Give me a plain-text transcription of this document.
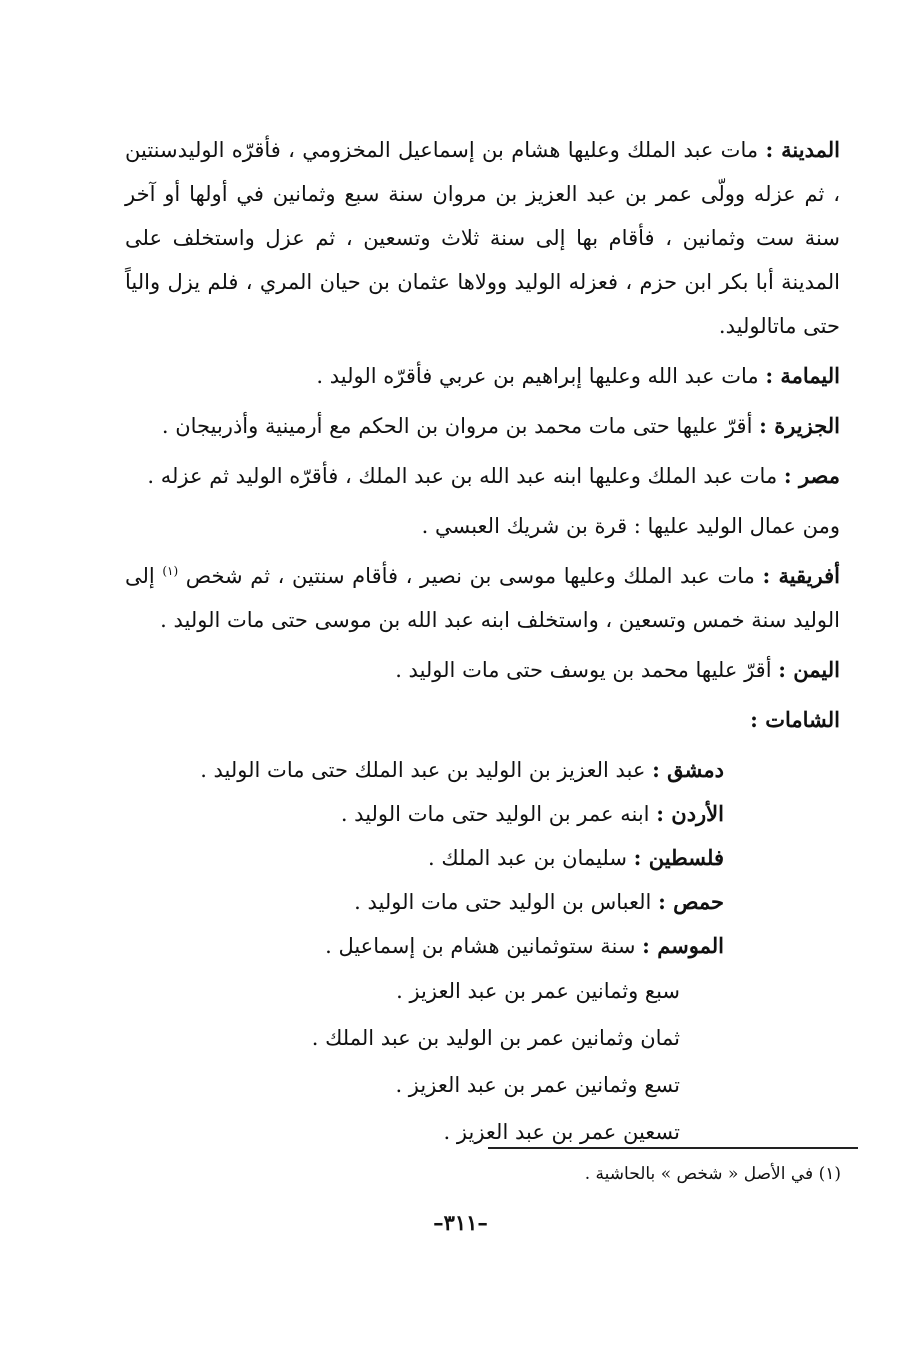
المدينة : مات عبد الملك وعليها هشام بن إسماعيل المخزومي ، فأقرّه الوليدسنتين ، ثم عزله وولّى عمر بن عبد العزيز بن مروان سنة سبع وثمانين في أولها أو آخر سنة ست وثمانين ، فأقام بها إلى سنة ثلاث وتسعين ، ثم عزل واستخلف على المدينة أبا بكر ابن حزم ، فعزله الوليد وولاها عثمان بن حيان المري ، فلم يزل والياً حتى ماتالوليد.

اليمامة : مات عبد الله وعليها إبراهيم بن عربي فأقرّه الوليد .

الجزيرة : أقرّ عليها حتى مات محمد بن مروان بن الحكم مع أرمينية وأذربيجان .

مصر : مات عبد الملك وعليها ابنه عبد الله بن عبد الملك ، فأقرّه الوليد ثم عزله .

ومن عمال الوليد عليها : قرة بن شريك العبسي .

أفريقية : مات عبد الملك وعليها موسى بن نصير ، فأقام سنتين ، ثم شخص $^{(١)}$ إلى الوليد سنة خمس وتسعين ، واستخلف ابنه عبد الله بن موسى حتى مات الوليد .

اليمن : أقرّ عليها محمد بن يوسف حتى مات الوليد .

الشامات :

دمشق : عبد العزيز بن الوليد بن عبد الملك حتى مات الوليد .
الأردن : ابنه عمر بن الوليد حتى مات الوليد .
فلسطين : سليمان بن عبد الملك .
حمص : العباس بن الوليد حتى مات الوليد .
الموسم : سنة ستوثمانين هشام بن إسماعيل .
سبع وثمانين عمر بن عبد العزيز .
ثمان وثمانين عمر بن الوليد بن عبد الملك .
تسع وثمانين عمر بن عبد العزيز .
تسعين عمر بن عبد العزيز .
(١) في الأصل « شخص » بالحاشية .
–٣١١–
